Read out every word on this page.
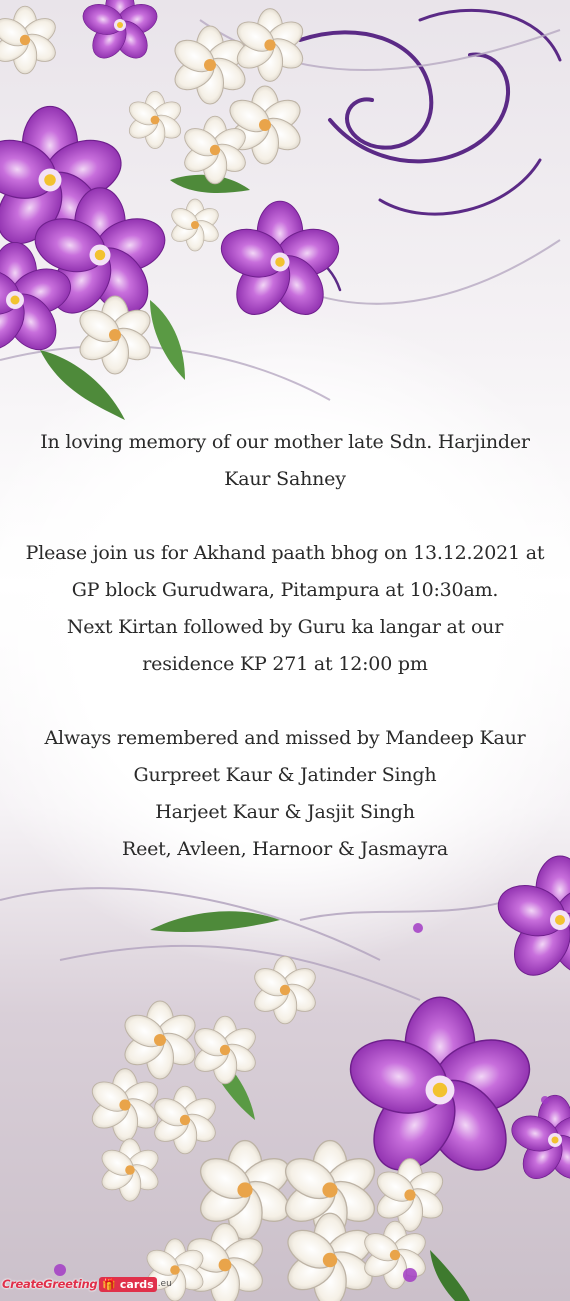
In loving memory of our mother late Sdn. Harjinder

Kaur Sahney

Please join us for Akhand paath bhog on 13.12.2021 at

GP block Gurudwara, Pitampura at 10:30am.

Next Kirtan followed by Guru ka langar at our

residence KP 271 at 12:00 pm

Always remembered and missed by Mandeep Kaur

Gurpreet Kaur & Jatinder Singh

Harjeet Kaur & Jasjit Singh

Reet, Avleen, Harnoor & Jasmayra

CreateGreeting 🎁 cards .eu
